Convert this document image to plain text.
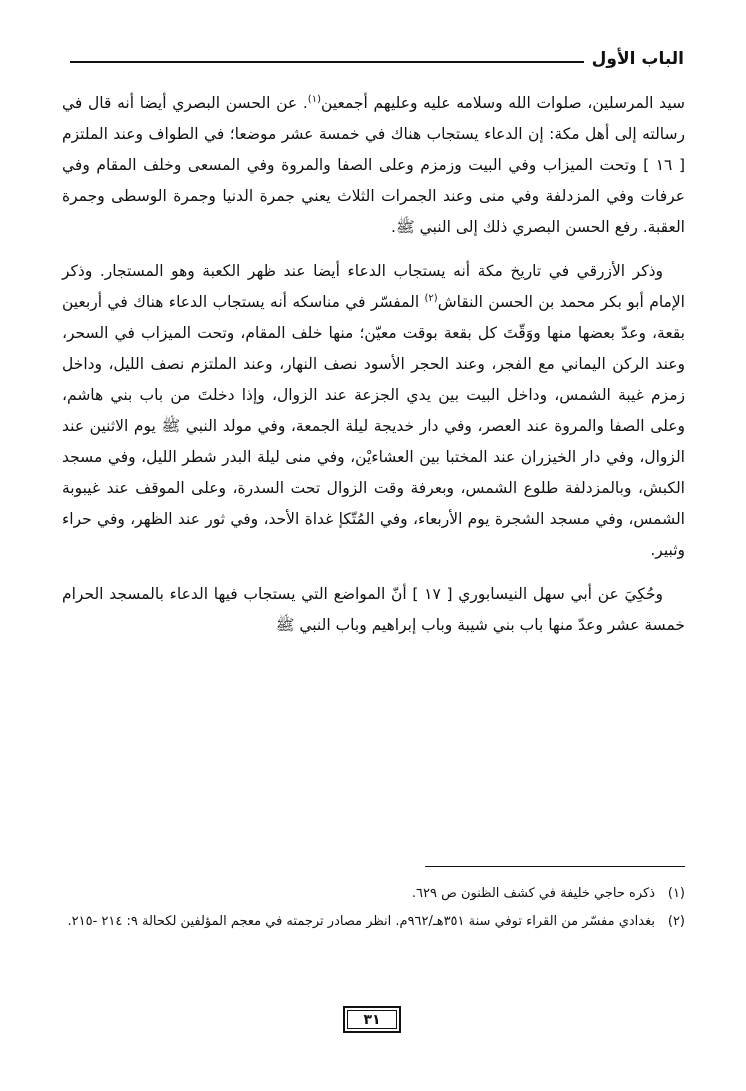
الباب الأول

سيد المرسلين، صلوات الله وسلامه عليه وعليهم أجمعين$^{(١)}$. عن الحسن البصري أيضا أنه قال في رسالته إلى أهل مكة: إن الدعاء يستجاب هناك في خمسة عشر موضعا؛ في الطواف وعند الملتزم [ ١٦ ] وتحت الميزاب وفي البيت وزمزم وعلى الصفا والمروة وفي المسعى وخلف المقام وفي عرفات وفي المزدلفة وفي منى وعند الجمرات الثلاث يعني جمرة الدنيا وجمرة الوسطى وجمرة العقبة. رفع الحسن البصري ذلك إلى النبي ﷺ.

وذكر الأزرقي في تاريخ مكة أنه يستجاب الدعاء أيضا عند ظهر الكعبة وهو المستجار. وذكر الإمام أبو بكر محمد بن الحسن النقاش$^{(٢)}$ المفسّر في مناسكه أنه يستجاب الدعاء هناك في أربعين بقعة، وعدّ بعضها منها ووَقّتَ كل بقعة بوقت معيّن؛ منها خلف المقام، وتحت الميزاب في السحر، وعند الركن اليماني مع الفجر، وعند الحجر الأسود نصف النهار، وعند الملتزم نصف الليل، وداخل زمزم غيبة الشمس، وداخل البيت بين يدي الجزعة عند الزوال، وإذا دخلتَ من باب بني هاشم، وعلى الصفا والمروة عند العصر، وفي دار خديجة ليلة الجمعة، وفي مولد النبي ﷺ يوم الاثنين عند الزوال، وفي دار الخيزران عند المختبا بين العشاءيْن، وفي منى ليلة البدر شطر الليل، وفي مسجد الكبش، وبالمزدلفة طلوع الشمس، وبعرفة وقت الزوال تحت السدرة، وعلى الموقف عند غيبوبة الشمس، وفي مسجد الشجرة يوم الأربعاء، وفي المُتّكإ غداة الأحد، وفي ثور عند الظهر، وفي حراء وثبير.

وحُكِيَ عن أبي سهل النيسابوري [ ١٧ ] أنّ المواضع التي يستجاب فيها الدعاء بالمسجد الحرام خمسة عشر وعدّ منها باب بني شيبة وباب إبراهيم وباب النبي ﷺ

(١)
ذكره حاجي خليفة في كشف الظنون ص ٦٢٩.

(٢)
بغدادي مفسّر من القراء توفي سنة ٣٥١هـ/٩٦٢م. انظر مصادر ترجمته في معجم المؤلفين لكحالة ٩: ٢١٤ -٢١٥.

٣١
